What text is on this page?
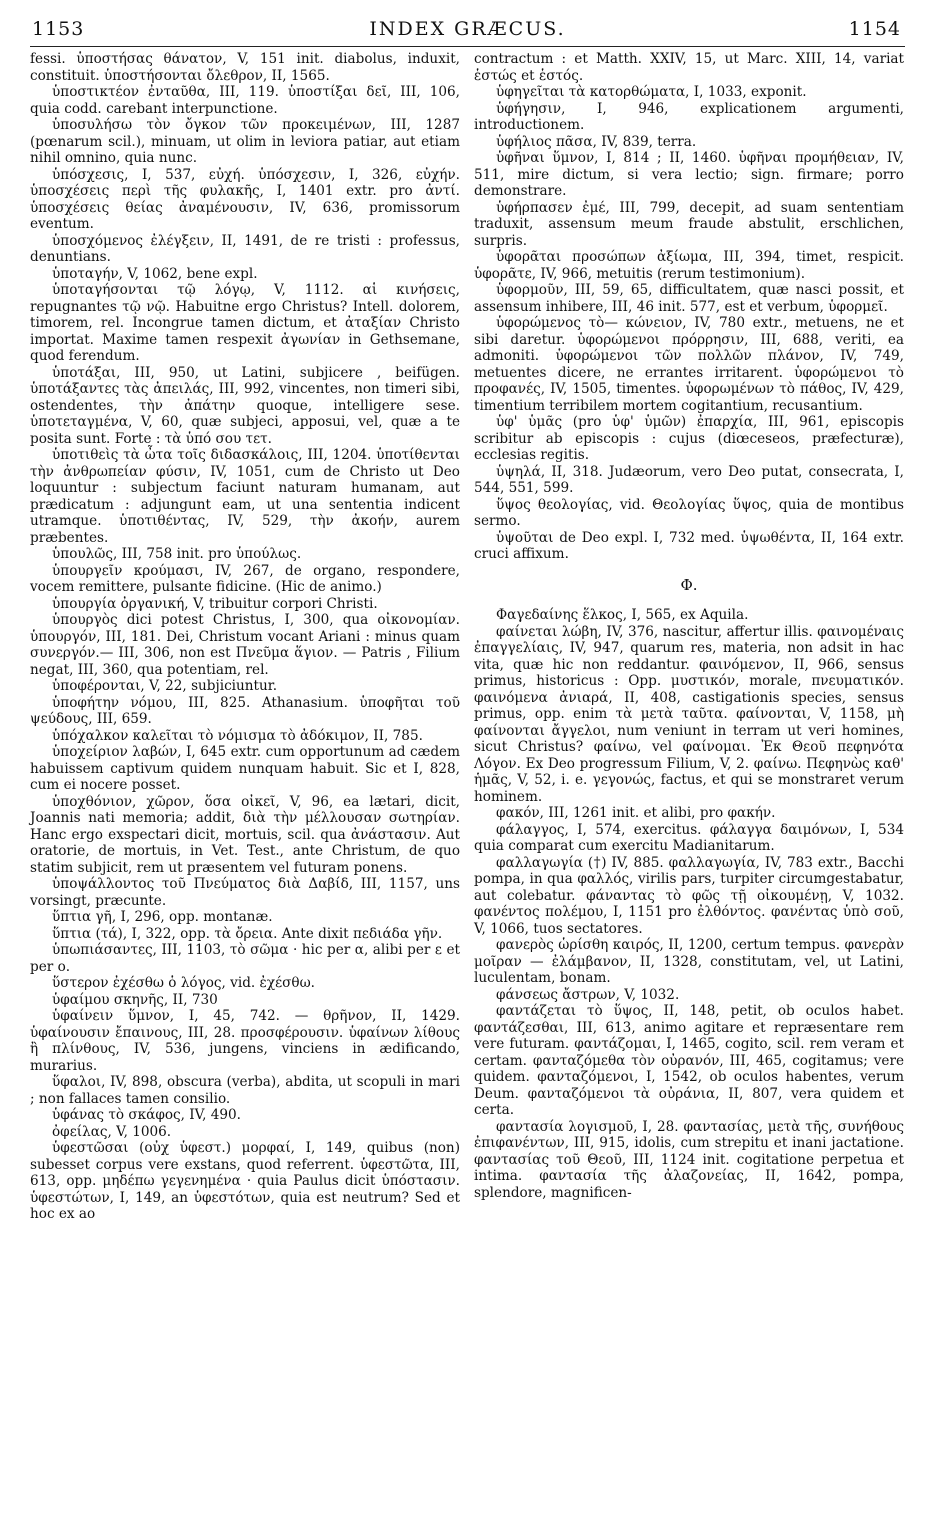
1153	INDEX GRÆCUS.	1154

fessi. ὑποστήσας θάνατον, V, 151 init. diabolus, induxit, constituit. ὑποστήσονται ὄλεθρον, II, 1565.

ὑποστικτέον ἐνταῦθα, III, 119. ὑποστίξαι δεῖ, III, 106, quia codd. carebant interpunctione.

ὑποσυλήσω τὸν ὄγκον τῶν προκειμένων, III, 1287 (pœnarum scil.), minuam, ut olim in leviora patiar, aut etiam nihil omnino, quia nunc.

ὑπόσχεσις, I, 537, εὐχή. ὑπόσχεσιν, I, 326, εὐχήν. ὑποσχέσεις περὶ τῆς φυλακῆς, I, 1401 extr. pro ἀντί. ὑποσχέσεις θείας ἀναμένουσιν, IV, 636, promissorum eventum.

ὑποσχόμενος ἐλέγξειν, II, 1491, de re tristi : professus, denuntians.

ὑποταγήν, V, 1062, bene expl.

ὑποταγήσονται τῷ λόγῳ, V, 1112. αἱ κινήσεις, repugnantes τῷ νῷ. Habuitne ergo Christus? Intell. dolorem, timorem, rel. Incongrue tamen dictum, et ἀταξίαν Christo importat. Maxime tamen respexit ἀγωνίαν in Gethsemane, quod ferendum.

ὑποτάξαι, III, 950, ut Latini, subjicere , beifügen. ὑποτάξαντες τὰς ἀπειλάς, III, 992, vincentes, non timeri sibi, ostendentes, τὴν ἀπάτην quoque, intelligere sese. ὑποτεταγμένα, V, 60, quæ subjeci, apposui, vel, quæ a te posita sunt. Forte : τὰ ὑπό σου τετ.

ὑποτιθεὶς τὰ ὦτα τοῖς διδασκάλοις, III, 1204. ὑποτίθενται τὴν ἀνθρωπείαν φύσιν, IV, 1051, cum de Christo ut Deo loquuntur : subjectum faciunt naturam humanam, aut prædicatum : adjungunt eam, ut una sententia indicent utramque. ὑποτιθέντας, IV, 529, τὴν ἀκοήν, aurem præbentes.

ὑπουλῶς, III, 758 init. pro ὑπούλως.

ὑπουργεῖν κρούμασι, IV, 267, de organo, respondere, vocem remittere, pulsante fidicine. (Hic de animo.)

ὑπουργία ὀργανική, V, tribuitur corpori Christi.

ὑπουργὸς dici potest Christus, I, 300, qua οἰκονομίαν. ὑπουργόν, III, 181. Dei, Christum vocant Ariani : minus quam συνεργόν.— III, 306, non est Πνεῦμα ἅγιον. — Patris , Filium negat, III, 360, qua potentiam, rel.

ὑποφέρονται, V, 22, subjiciuntur.

ὑποφήτην νόμου, III, 825. Athanasium. ὑποφῆται τοῦ ψεύδους, III, 659.

ὑπόχαλκον καλεῖται τὸ νόμισμα τὸ ἀδόκιμον, II, 785.

ὑποχείριον λαβών, I, 645 extr. cum opportunum ad cædem habuissem captivum quidem nunquam habuit. Sic et I, 828, cum ei nocere posset.

ὑποχθόνιον, χῶρον, ὅσα οἰκεῖ, V, 96, ea lætari, dicit, Joannis nati memoria; addit, διὰ τὴν μέλλουσαν σωτηρίαν. Hanc ergo exspectari dicit, mortuis, scil. qua ἀνάστασιν. Aut oratorie, de mortuis, in Vet. Test., ante Christum, de quo statim subjicit, rem ut præsentem vel futuram ponens.

ὑποψάλλοντος τοῦ Πνεύματος διὰ Δαβίδ, III, 1157, uns vorsingt, præcunte.

ὕπτια γῆ, I, 296, opp. montanæ.

ὕπτια (τά), I, 322, opp. τὰ ὄρεια. Ante dixit πεδιάδα γῆν.

ὑπωπιάσαντες, III, 1103, τὸ σῶμα · hic per α, alibi per ε et per ο.

ὕστερον ἐχέσθω ὁ λόγος, vid. ἐχέσθω.

ὑφαίμου σκηνῆς, II, 730

ὑφαίνειν ὕμνον, I, 45, 742. — θρῆνον, II, 1429. ὑφαίνουσιν ἔπαινους, III, 28. προσφέρουσιν. ὑφαίνων λίθους ἢ πλίνθους, IV, 536, jungens, vinciens in ædificando, murarius.

ὕφαλοι, IV, 898, obscura (verba), abdita, ut scopuli in mari ; non fallaces tamen consilio.

ὑφάνας τὸ σκάφος, IV, 490.

ὀφείλας, V, 1006.

ὑφεστῶσαι (οὐχ ὑφεστ.) μορφαί, I, 149, quibus (non) subesset corpus vere exstans, quod referrent. ὑφεστῶτα, III, 613, opp. μηδέπω γεγενημένα · quia Paulus dicit ὑπόστασιν. ὑφεστώτων, I, 149, an ὑφεστότων, quia est neutrum? Sed et hoc ex ao

contractum : et Matth. XXIV, 15, ut Marc. XIII, 14, variat ἑστώς et ἑστός.

ὑφηγεῖται τὰ κατορθώματα, I, 1033, exponit.

ὑφήγησιν, I, 946, explicationem argumenti, introductionem.

ὑφήλιος πᾶσα, IV, 839, terra.

ὑφῆναι ὕμνον, I, 814 ; II, 1460. ὑφῆναι προμήθειαν, IV, 511, mire dictum, si vera lectio; sign. firmare; porro demonstrare.

ὑφήρπασεν ἐμέ, III, 799, decepit, ad suam sententiam traduxit, assensum meum fraude abstulit, erschlichen, surpris.

ὑφορᾶται προσώπων ἀξίωμα, III, 394, timet, respicit. ὑφορᾶτε, IV, 966, metuitis (rerum testimonium).

ὑφορμοῦν, III, 59, 65, difficultatem, quæ nasci possit, et assensum inhibere, III, 46 init. 577, est et verbum, ὑφορμεῖ.

ὑφορώμενος τὸ— κώνειον, IV, 780 extr., metuens, ne et sibi daretur. ὑφορώμενοι πρόρρησιν, III, 688, veriti, ea admoniti. ὑφορώμενοι τῶν πολλῶν πλάνον, IV, 749, metuentes dicere, ne errantes irritarent. ὑφορώμενοι τὸ προφανές, IV, 1505, timentes. ὑφορωμένων τὸ πάθος, IV, 429, timentium terribilem mortem cogitantium, recusantium.

ὑφ' ὑμᾶς (pro ὑφ' ὑμῶν) ἐπαρχία, III, 961, episcopis scribitur ab episcopis : cujus (diœceseos, præfecturæ), ecclesias regitis.

ὑψηλά, II, 318. Judæorum, vero Deo putat, consecrata, I, 544, 551, 599.

ὕψος θεολογίας, vid. Θεολογίας ὕψος, quia de montibus sermo.

ὑψοῦται de Deo expl. I, 732 med. ὑψωθέντα, II, 164 extr. cruci affixum.

Φ.

Φαγεδαίνης ἕλκος, I, 565, ex Aquila.

φαίνεται λώβη, IV, 376, nascitur, affertur illis. φαινομέναις ἐπαγγελίαις, IV, 947, quarum res, materia, non adsit in hac vita, quæ hic non reddantur. φαινόμενον, II, 966, sensus primus, historicus : Opp. μυστικόν, morale, πνευματικόν. φαινόμενα ἀνιαρά, II, 408, castigationis species, sensus primus, opp. enim τὰ μετὰ ταῦτα. φαίνονται, V, 1158, μὴ φαίνονται ἄγγελοι, num veniunt in terram ut veri homines, sicut Christus? φαίνω, vel φαίνομαι. Ἐκ Θεοῦ πεφηνότα Λόγον. Ex Deo progressum Filium, V, 2. φαίνω. Πεφηνὼς καθ' ἡμᾶς, V, 52, i. e. γεγονώς, factus, et qui se monstraret verum hominem.

φακόν, III, 1261 init. et alibi, pro φακήν.

φάλαγγος, I, 574, exercitus. φάλαγγα δαιμόνων, I, 534 quia comparat cum exercitu Madianitarum.

φαλλαγωγία (†) IV, 885. φαλλαγωγία, IV, 783 extr., Bacchi pompa, in qua φαλλός, virilis pars, turpiter circumgestabatur, aut colebatur. φάναντας τὸ φῶς τῇ οἰκουμένῃ, V, 1032. φανέντος πολέμου, I, 1151 pro ἐλθόντος. φανέντας ὑπὸ σοῦ, V, 1066, tuos sectatores.

φανερὸς ὡρίσθη καιρός, II, 1200, certum tempus. φανερὰν μοῖραν — ἐλάμβανον, II, 1328, constitutam, vel, ut Latini, luculentam, bonam.

φάνσεως ἄστρων, V, 1032.

φαντάζεται τὸ ὕψος, II, 148, petit, ob oculos habet. φαντάζεσθαι, III, 613, animo agitare et repræsentare rem vere futuram. φαντάζομαι, I, 1465, cogito, scil. rem veram et certam. φανταζόμεθα τὸν οὐρανόν, III, 465, cogitamus; vere quidem. φανταζόμενοι, I, 1542, ob oculos habentes, verum Deum. φανταζόμενοι τὰ οὐράνια, II, 807, vera quidem et certa.

φαντασία λογισμοῦ, I, 28. φαντασίας, μετὰ τῆς, συνήθους ἐπιφανέντων, III, 915, idolis, cum strepitu et inani jactatione. φαντασίας τοῦ Θεοῦ, III, 1124 init. cogitatione perpetua et intima. φαντασία τῆς ἀλαζονείας, II, 1642, pompa, splendore, magnificen-
